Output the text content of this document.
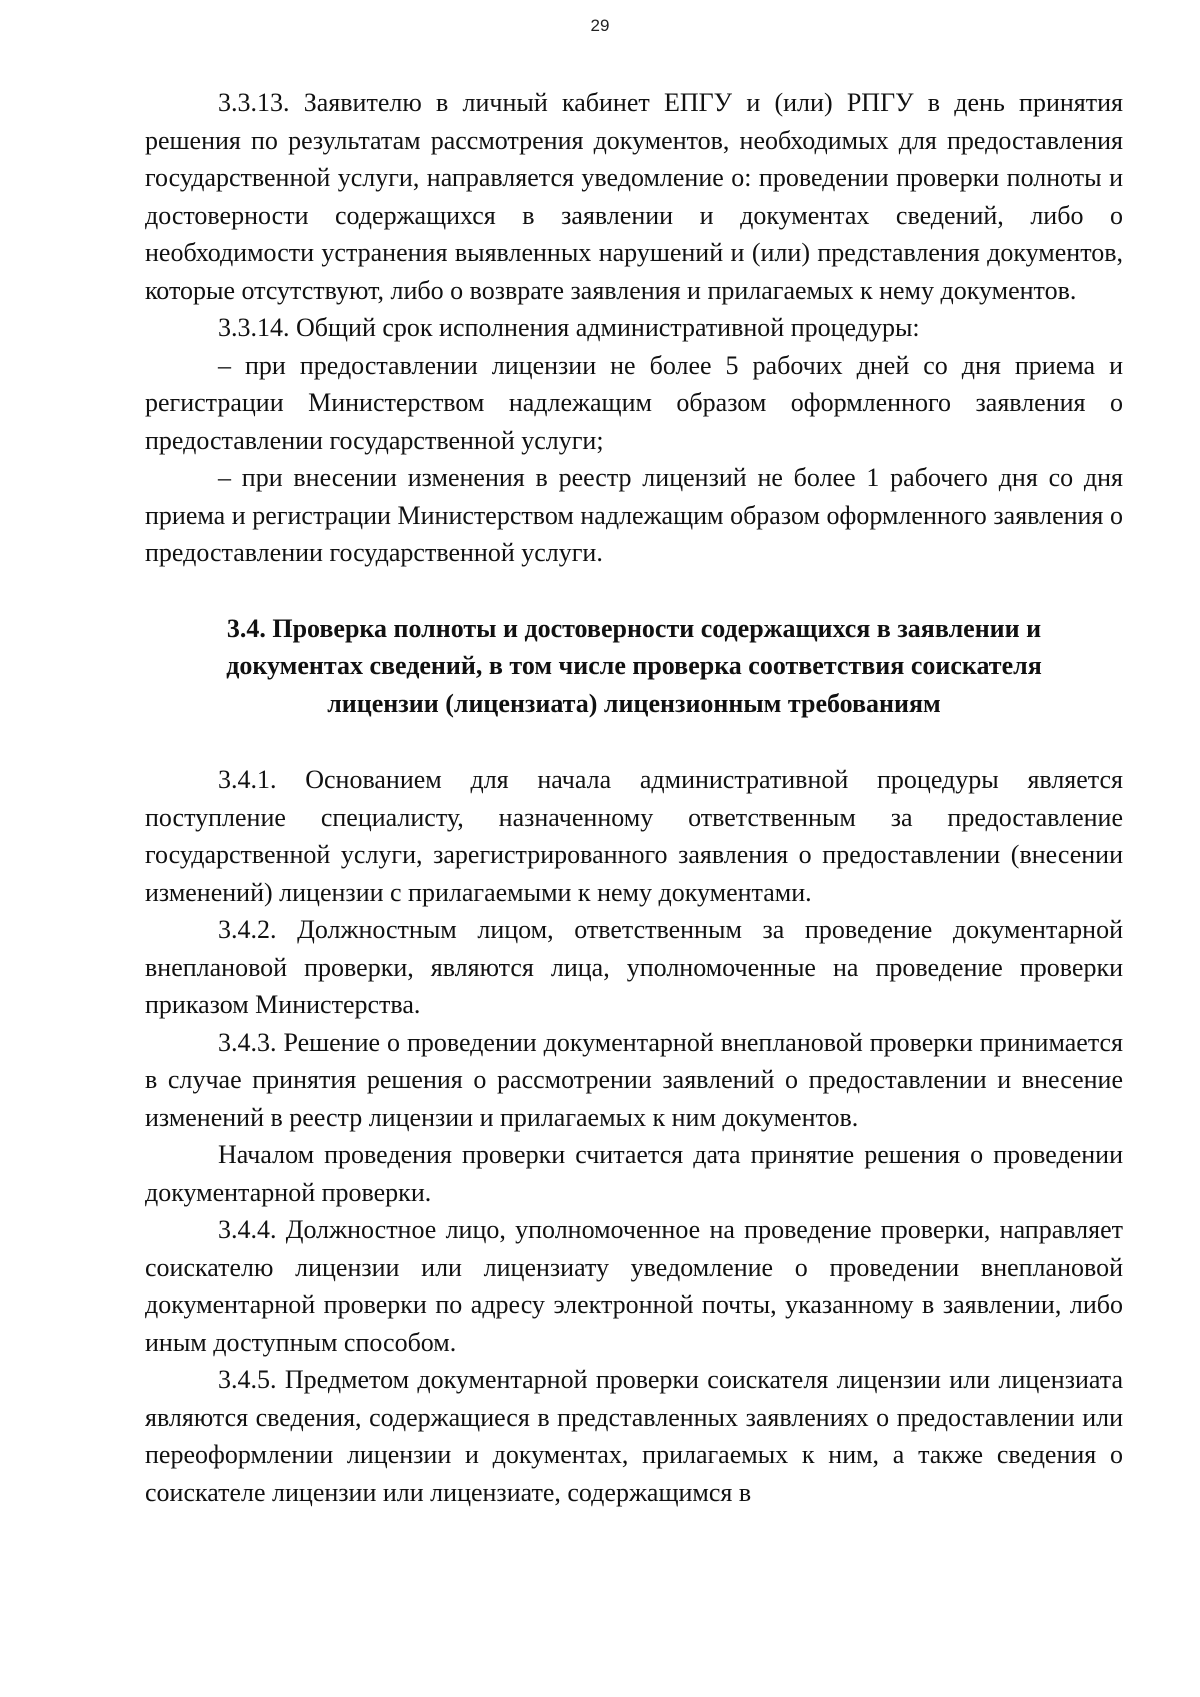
29

3.3.13. Заявителю в личный кабинет ЕПГУ и (или) РПГУ в день принятия решения по результатам рассмотрения документов, необходимых для предоставления государственной услуги, направляется уведомление о: проведении проверки полноты и достоверности содержащихся в заявлении и документах сведений, либо о необходимости устранения выявленных нарушений и (или) представления документов, которые отсутствуют, либо о возврате заявления и прилагаемых к нему документов.

3.3.14. Общий срок исполнения административной процедуры:

– при предоставлении лицензии не более 5 рабочих дней со дня приема и регистрации Министерством надлежащим образом оформленного заявления о предоставлении государственной услуги;

– при внесении изменения в реестр лицензий не более 1 рабочего дня со дня приема и регистрации Министерством надлежащим образом оформленного заявления о предоставлении государственной услуги.

3.4. Проверка полноты и достоверности содержащихся в заявлении и
документах сведений, в том числе проверка соответствия соискателя
лицензии (лицензиата) лицензионным требованиям

3.4.1. Основанием для начала административной процедуры является поступление специалисту, назначенному ответственным за предоставление государственной услуги, зарегистрированного заявления о предоставлении (внесении изменений) лицензии с прилагаемыми к нему документами.

3.4.2. Должностным лицом, ответственным за проведение документарной внеплановой проверки, являются лица, уполномоченные на проведение проверки приказом Министерства.

3.4.3. Решение о проведении документарной внеплановой проверки принимается в случае принятия решения о рассмотрении заявлений о предоставлении и внесение изменений в реестр лицензии и прилагаемых к ним документов.

Началом проведения проверки считается дата принятие решения о проведении документарной проверки.

3.4.4. Должностное лицо, уполномоченное на проведение проверки, направляет соискателю лицензии или лицензиату уведомление о проведении внеплановой документарной проверки по адресу электронной почты, указанному в заявлении, либо иным доступным способом.

3.4.5. Предметом документарной проверки соискателя лицензии или лицензиата являются сведения, содержащиеся в представленных заявлениях о предоставлении или переоформлении лицензии и документах, прилагаемых к ним, а также сведения о соискателе лицензии или лицензиате, содержащимся в
